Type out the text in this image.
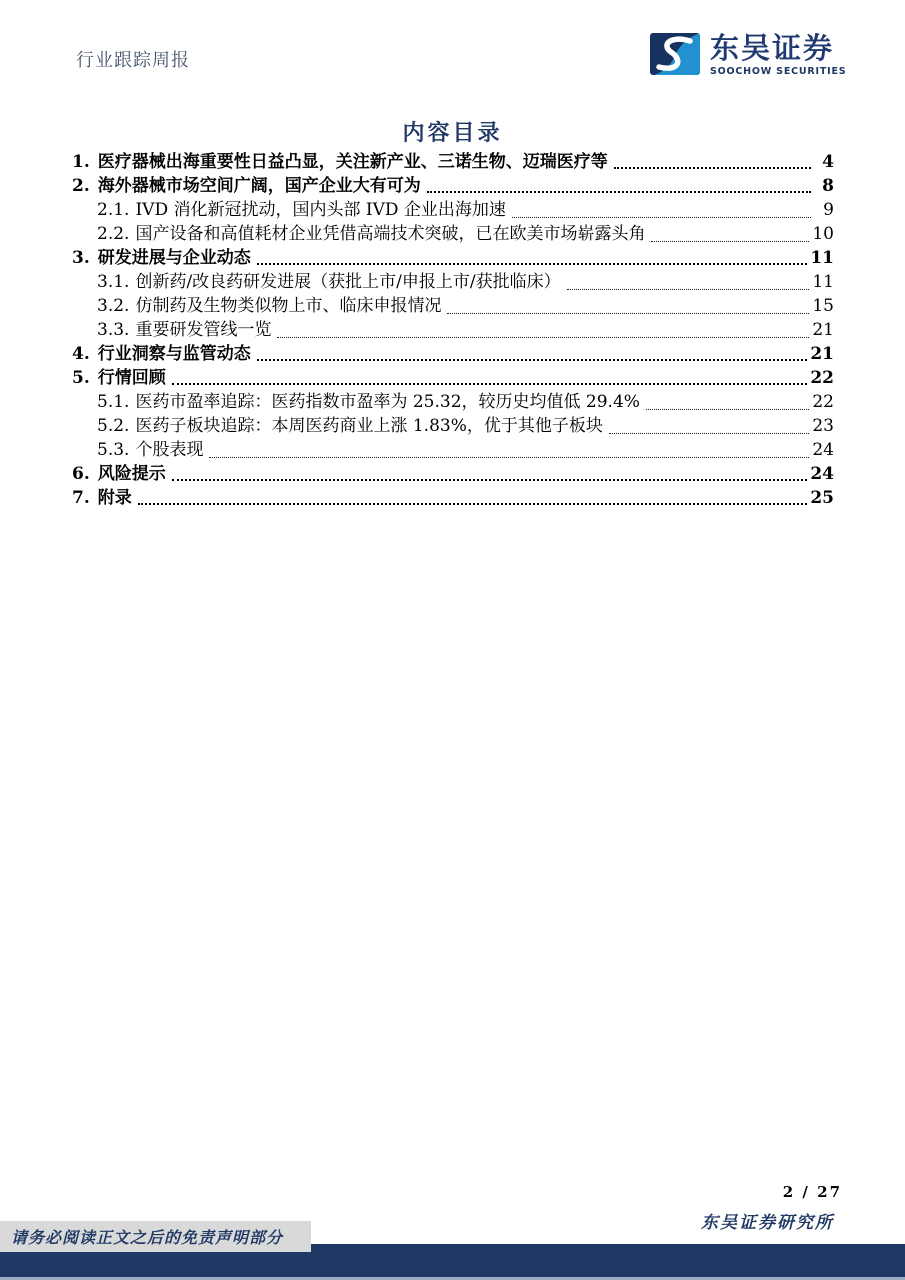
行业跟踪周报	东吴证券
SOOCHOW SECURITIES
内容目录
1. 医疗器械出海重要性日益凸显，关注新产业、三诺生物、迈瑞医疗等	4
2. 海外器械市场空间广阔，国产企业大有可为	8
2.1. IVD 消化新冠扰动，国内头部 IVD 企业出海加速	9
2.2. 国产设备和高值耗材企业凭借高端技术突破，已在欧美市场崭露头角	10
3. 研发进展与企业动态	11
3.1. 创新药/改良药研发进展（获批上市/申报上市/获批临床）	11
3.2. 仿制药及生物类似物上市、临床申报情况	15
3.3. 重要研发管线一览	21
4. 行业洞察与监管动态	21
5. 行情回顾	22
5.1. 医药市盈率追踪：医药指数市盈率为 25.32，较历史均值低 29.4%	22
5.2. 医药子板块追踪：本周医药商业上涨 1.83%，优于其他子板块	23
5.3. 个股表现	24
6. 风险提示	24
7. 附录	25
2 / 27
东吴证券研究所
请务必阅读正文之后的免责声明部分
